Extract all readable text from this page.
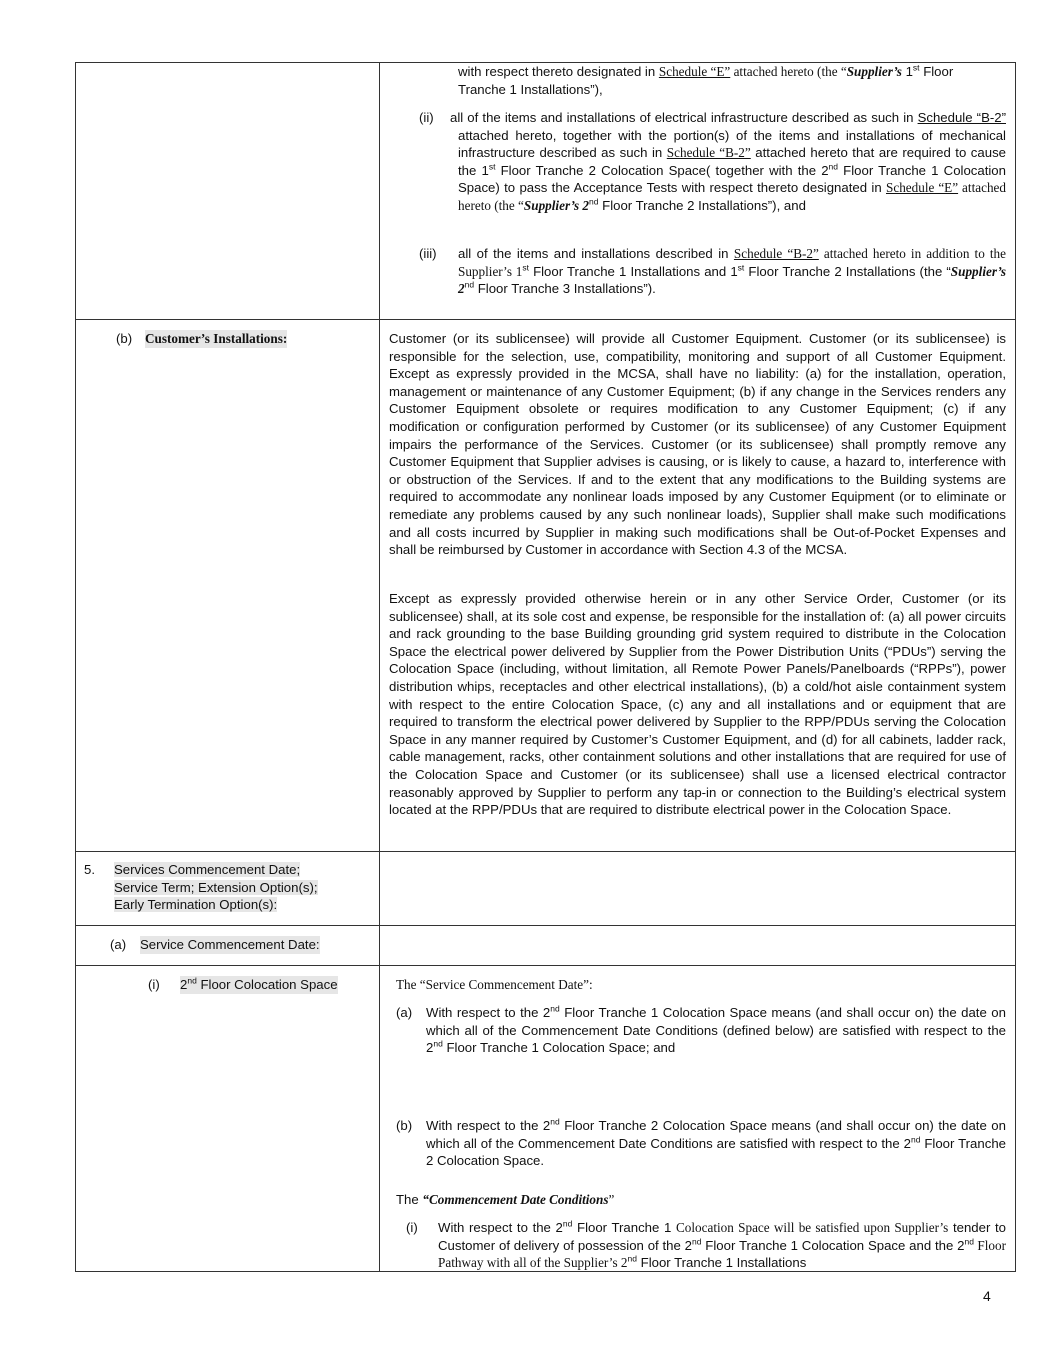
with respect thereto designated in Schedule “E” attached hereto (the “Supplier’s 1st Floor

Tranche 1 Installations”),

(ii) all of the items and installations of electrical infrastructure described as such in Schedule “B-2” attached hereto, together with the portion(s) of the items and installations of mechanical infrastructure described as such in Schedule “B-2” attached hereto that are required to cause the 1st Floor Tranche 2 Colocation Space( together with the 2nd Floor Tranche 1 Colocation Space) to pass the Acceptance Tests with respect thereto designated in Schedule “E” attached hereto (the “Supplier’s 2nd Floor Tranche 2 Installations”), and

(iii) all of the items and installations described in Schedule “B-2” attached hereto in addition to the Supplier’s 1st Floor Tranche 1 Installations and 1st Floor Tranche 2 Installations (the “Supplier’s 2nd Floor Tranche 3 Installations”).

(b) Customer’s Installations:	Customer (or its sublicensee) will provide all Customer Equipment. Customer (or its sublicensee) is responsible for the selection, use, compatibility, monitoring and support of all Customer Equipment. Except as expressly provided in the MCSA, shall have no liability: (a) for the installation, operation, management or maintenance of any Customer Equipment; (b) if any change in the Services renders any Customer Equipment obsolete or requires modification to any Customer Equipment; (c) if any modification or configuration performed by Customer (or its sublicensee) of any Customer Equipment impairs the performance of the Services. Customer (or its sublicensee) shall promptly remove any Customer Equipment that Supplier advises is causing, or is likely to cause, a hazard to, interference with or obstruction of the Services. If and to the extent that any modifications to the Building systems are required to accommodate any nonlinear loads imposed by any Customer Equipment (or to eliminate or remediate any problems caused by any such nonlinear loads), Supplier shall make such modifications and all costs incurred by Supplier in making such modifications shall be Out-of-Pocket Expenses and shall be reimbursed by Customer in accordance with Section 4.3 of the MCSA.
Except as expressly provided otherwise herein or in any other Service Order, Customer (or its sublicensee) shall, at its sole cost and expense, be responsible for the installation of: (a) all power circuits and rack grounding to the base Building grounding grid system required to distribute in the Colocation Space the electrical power delivered by Supplier from the Power Distribution Units (“PDUs”) serving the Colocation Space (including, without limitation, all Remote Power Panels/Panelboards (“RPPs”), power distribution whips, receptacles and other electrical installations), (b) a cold/hot aisle containment system with respect to the entire Colocation Space, (c) any and all installations and or equipment that are required to transform the electrical power delivered by Supplier to the RPP/PDUs serving the Colocation Space in any manner required by Customer’s Customer Equipment, and (d) for all cabinets, ladder rack, cable management, racks, other containment solutions and other installations that are required for use of the Colocation Space and Customer (or its sublicensee) shall use a licensed electrical contractor reasonably approved by Supplier to perform any tap-in or connection to the Building’s electrical system located at the RPP/PDUs that are required to distribute electrical power in the Colocation Space.
5. Services Commencement Date;

Service Term; Extension Option(s);

Early Termination Option(s):

(a) Service Commencement Date:
(i) 2nd Floor Colocation Space	The “Service Commencement Date”:
(a) With respect to the 2nd Floor Tranche 1 Colocation Space means (and shall occur on) the date on which all of the Commencement Date Conditions (defined below) are satisfied with respect to the 2nd Floor Tranche 1 Colocation Space; and

(b) With respect to the 2nd Floor Tranche 2 Colocation Space means (and shall occur on) the date on which all of the Commencement Date Conditions are satisfied with respect to the 2nd Floor Tranche 2 Colocation Space.

The “Commencement Date Conditions”
(i) With respect to the 2nd Floor Tranche 1 Colocation Space will be satisfied upon Supplier’s tender to Customer of delivery of possession of the 2nd Floor Tranche 1 Colocation Space and the 2nd Floor Pathway with all of the Supplier’s 2nd Floor Tranche 1 Installations

4
